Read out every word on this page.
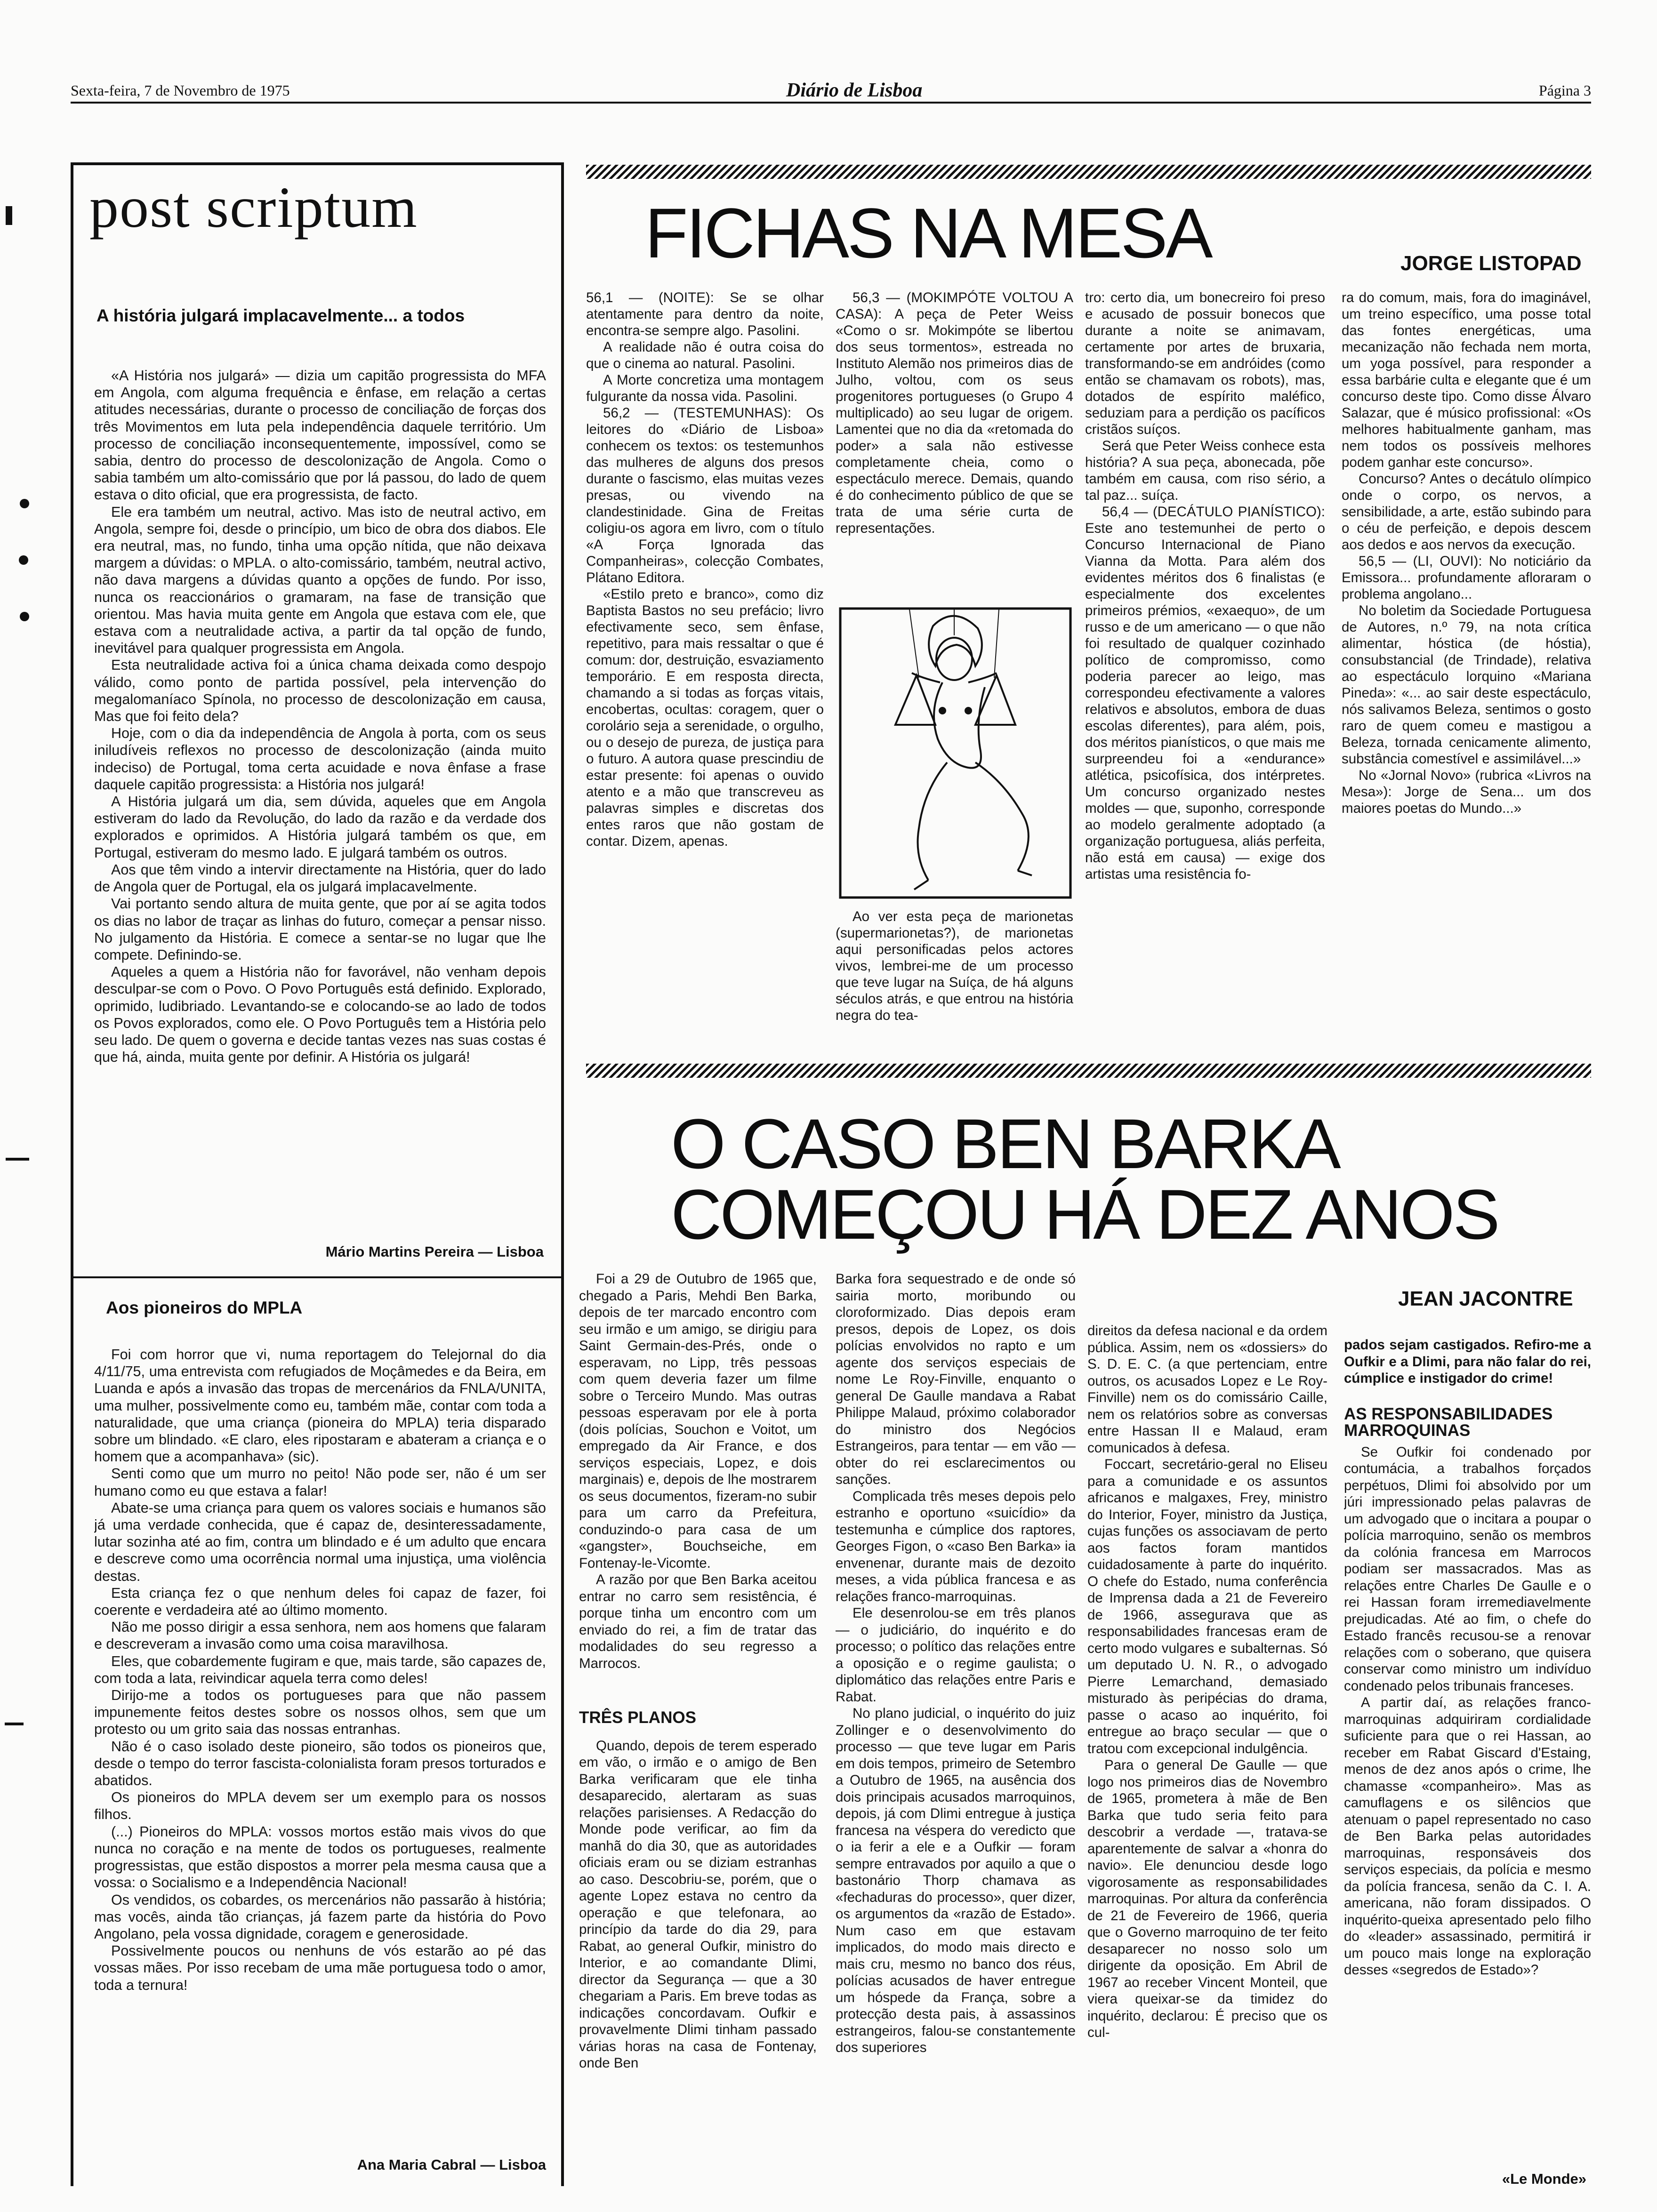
Sexta-feira, 7 de Novembro de 1975	Diário de Lisboa	Página 3
post scriptum
A história julgará implacavelmente... a todos

«A História nos julgará» — dizia um capitão progressista do MFA em Angola, com alguma frequência e ênfase, em relação a certas atitudes necessárias, durante o processo de conciliação de forças dos três Movimentos em luta pela independência daquele território. Um processo de conciliação inconsequentemente, impossível, como se sabia, dentro do processo de descolonização de Angola. Como o sabia também um alto-comissário que por lá passou, do lado de quem estava o dito oficial, que era progressista, de facto.

Ele era também um neutral, activo. Mas isto de neutral activo, em Angola, sempre foi, desde o princípio, um bico de obra dos diabos. Ele era neutral, mas, no fundo, tinha uma opção nítida, que não deixava margem a dúvidas: o MPLA. o alto-comissário, também, neutral activo, não dava margens a dúvidas quanto a opções de fundo. Por isso, nunca os reaccionários o gramaram, na fase de transição que orientou. Mas havia muita gente em Angola que estava com ele, que estava com a neutralidade activa, a partir da tal opção de fundo, inevitável para qualquer progressista em Angola.

Esta neutralidade activa foi a única chama deixada como despojo válido, como ponto de partida possível, pela intervenção do megalomaníaco Spínola, no processo de descolonização em causa, Mas que foi feito dela?

Hoje, com o dia da independência de Angola à porta, com os seus iniludíveis reflexos no processo de descolonização (ainda muito indeciso) de Portugal, toma certa acuidade e nova ênfase a frase daquele capitão progressista: a História nos julgará!

A História julgará um dia, sem dúvida, aqueles que em Angola estiveram do lado da Revolução, do lado da razão e da verdade dos explorados e oprimidos. A História julgará também os que, em Portugal, estiveram do mesmo lado. E julgará também os outros.

Aos que têm vindo a intervir directamente na História, quer do lado de Angola quer de Portugal, ela os julgará implacavelmente.

Vai portanto sendo altura de muita gente, que por aí se agita todos os dias no labor de traçar as linhas do futuro, começar a pensar nisso. No julgamento da História. E comece a sentar-se no lugar que lhe compete. Definindo-se.

Aqueles a quem a História não for favorável, não venham depois desculpar-se com o Povo. O Povo Português está definido. Explorado, oprimido, ludibriado. Levantando-se e colocando-se ao lado de todos os Povos explorados, como ele. O Povo Português tem a História pelo seu lado. De quem o governa e decide tantas vezes nas suas costas é que há, ainda, muita gente por definir. A História os julgará!

Mário Martins Pereira — Lisboa
Aos pioneiros do MPLA

Foi com horror que vi, numa reportagem do Telejornal do dia 4/11/75, uma entrevista com refugiados de Moçâmedes e da Beira, em Luanda e após a invasão das tropas de mercenários da FNLA/UNITA, uma mulher, possivelmente como eu, também mãe, contar com toda a naturalidade, que uma criança (pioneira do MPLA) teria disparado sobre um blindado. «E claro, eles ripostaram e abateram a criança e o homem que a acompanhava» (sic).

Senti como que um murro no peito! Não pode ser, não é um ser humano como eu que estava a falar!

Abate-se uma criança para quem os valores sociais e humanos são já uma verdade conhecida, que é capaz de, desinteressadamente, lutar sozinha até ao fim, contra um blindado e é um adulto que encara e descreve como uma ocorrência normal uma injustiça, uma violência destas.

Esta criança fez o que nenhum deles foi capaz de fazer, foi coerente e verdadeira até ao último momento.

Não me posso dirigir a essa senhora, nem aos homens que falaram e descreveram a invasão como uma coisa maravilhosa.

Eles, que cobardemente fugiram e que, mais tarde, são capazes de, com toda a lata, reivindicar aquela terra como deles!

Dirijo-me a todos os portugueses para que não passem impunemente feitos destes sobre os nossos olhos, sem que um protesto ou um grito saia das nossas entranhas.

Não é o caso isolado deste pioneiro, são todos os pioneiros que, desde o tempo do terror fascista-colonialista foram presos torturados e abatidos.

Os pioneiros do MPLA devem ser um exemplo para os nossos filhos.

(...) Pioneiros do MPLA: vossos mortos estão mais vivos do que nunca no coração e na mente de todos os portugueses, realmente progressistas, que estão dispostos a morrer pela mesma causa que a vossa: o Socialismo e a Independência Nacional!

Os vendidos, os cobardes, os mercenários não passarão à história; mas vocês, ainda tão crianças, já fazem parte da história do Povo Angolano, pela vossa dignidade, coragem e generosidade.

Possivelmente poucos ou nenhuns de vós estarão ao pé das vossas mães. Por isso recebam de uma mãe portuguesa todo o amor, toda a ternura!

Ana Maria Cabral — Lisboa
FICHAS NA MESA	JORGE LISTOPAD

56,1 — (NOITE): Se se olhar atentamente para dentro da noite, encontra-se sempre algo. Pasolini.

A realidade não é outra coisa do que o cinema ao natural. Pasolini.

A Morte concretiza uma montagem fulgurante da nossa vida. Pasolini.

56,2 — (TESTEMUNHAS): Os leitores do «Diário de Lisboa» conhecem os textos: os testemunhos das mulheres de alguns dos presos durante o fascismo, elas muitas vezes presas, ou vivendo na clandestinidade. Gina de Freitas coligiu-os agora em livro, com o título «A Força Ignorada das Companheiras», colecção Combates, Plátano Editora.

«Estilo preto e branco», como diz Baptista Bastos no seu prefácio; livro efectivamente seco, sem ênfase, repetitivo, para mais ressaltar o que é comum: dor, destruição, esvaziamento temporário. E em resposta directa, chamando a si todas as forças vitais, encobertas, ocultas: coragem, quer o corolário seja a serenidade, o orgulho, ou o desejo de pureza, de justiça para o futuro. A autora quase prescindiu de estar presente: foi apenas o ouvido atento e a mão que transcreveu as palavras simples e discretas dos entes raros que não gostam de contar. Dizem, apenas.

56,3 — (MOKIMPÓTE VOLTOU A CASA): A peça de Peter Weiss «Como o sr. Mokimpóte se libertou dos seus tormentos», estreada no Instituto Alemão nos primeiros dias de Julho, voltou, com os seus progenitores portugueses (o Grupo 4 multiplicado) ao seu lugar de origem. Lamentei que no dia da «retomada do poder» a sala não estivesse completamente cheia, como o espectáculo merece. Demais, quando é do conhecimento público de que se trata de uma série curta de representações.

Ao ver esta peça de marionetas (supermarionetas?), de marionetas aqui personificadas pelos actores vivos, lembrei-me de um processo que teve lugar na Suíça, de há alguns séculos atrás, e que entrou na história negra do tea-

tro: certo dia, um bonecreiro foi preso e acusado de possuir bonecos que durante a noite se animavam, certamente por artes de bruxaria, transformando-se em andróides (como então se chamavam os robots), mas, dotados de espírito maléfico, seduziam para a perdição os pacíficos cristãos suíços.

Será que Peter Weiss conhece esta história? A sua peça, abonecada, põe também em causa, com riso sério, a tal paz... suíça.

56,4 — (DECÁTULO PIANÍSTICO): Este ano testemunhei de perto o Concurso Internacional de Piano Vianna da Motta. Para além dos evidentes méritos dos 6 finalistas (e especialmente dos excelentes primeiros prémios, «exaequo», de um russo e de um americano — o que não foi resultado de qualquer cozinhado político de compromisso, como poderia parecer ao leigo, mas correspondeu efectivamente a valores relativos e absolutos, embora de duas escolas diferentes), para além, pois, dos méritos pianísticos, o que mais me surpreendeu foi a «endurance» atlética, psicofísica, dos intérpretes. Um concurso organizado nestes moldes — que, suponho, corresponde ao modelo geralmente adoptado (a organização portuguesa, aliás perfeita, não está em causa) — exige dos artistas uma resistência fo-

ra do comum, mais, fora do imaginável, um treino específico, uma posse total das fontes energéticas, uma mecanização não fechada nem morta, um yoga possível, para responder a essa barbárie culta e elegante que é um concurso deste tipo. Como disse Álvaro Salazar, que é músico profissional: «Os melhores habitualmente ganham, mas nem todos os possíveis melhores podem ganhar este concurso».

Concurso? Antes o decátulo olímpico onde o corpo, os nervos, a sensibilidade, a arte, estão subindo para o céu de perfeição, e depois descem aos dedos e aos nervos da execução.

56,5 — (LI, OUVI): No noticiário da Emissora... profundamente afloraram o problema angolano...

No boletim da Sociedade Portuguesa de Autores, n.º 79, na nota crítica alimentar, hóstica (de hóstia), consubstancial (de Trindade), relativa ao espectáculo lorquino «Mariana Pineda»: «... ao sair deste espectáculo, nós salivamos Beleza, sentimos o gosto raro de quem comeu e mastigou a Beleza, tornada cenicamente alimento, substância comestível e assimilável...»

No «Jornal Novo» (rubrica «Livros na Mesa»): Jorge de Sena... um dos maiores poetas do Mundo...»

O CASO BEN BARKA
COMEÇOU HÁ DEZ ANOS
JEAN JACONTRE

Foi a 29 de Outubro de 1965 que, chegado a Paris, Mehdi Ben Barka, depois de ter marcado encontro com seu irmão e um amigo, se dirigiu para Saint Germain-des-Prés, onde o esperavam, no Lipp, três pessoas com quem deveria fazer um filme sobre o Terceiro Mundo. Mas outras pessoas esperavam por ele à porta (dois polícias, Souchon e Voitot, um empregado da Air France, e dos serviços especiais, Lopez, e dois marginais) e, depois de lhe mostrarem os seus documentos, fizeram-no subir para um carro da Prefeitura, conduzindo-o para casa de um «gangster», Bouchseiche, em Fontenay-le-Vicomte.

A razão por que Ben Barka aceitou entrar no carro sem resistência, é porque tinha um encontro com um enviado do rei, a fim de tratar das modalidades do seu regresso a Marrocos.

TRÊS PLANOS

Quando, depois de terem esperado em vão, o irmão e o amigo de Ben Barka verificaram que ele tinha desaparecido, alertaram as suas relações parisienses. A Redacção do Monde pode verificar, ao fim da manhã do dia 30, que as autoridades oficiais eram ou se diziam estranhas ao caso. Descobriu-se, porém, que o agente Lopez estava no centro da operação e que telefonara, ao princípio da tarde do dia 29, para Rabat, ao general Oufkir, ministro do Interior, e ao comandante Dlimi, director da Segurança — que a 30 chegariam a Paris. Em breve todas as indicações concordavam. Oufkir e provavelmente Dlimi tinham passado várias horas na casa de Fontenay, onde Ben

Barka fora sequestrado e de onde só sairia morto, moribundo ou cloroformizado. Dias depois eram presos, depois de Lopez, os dois polícias envolvidos no rapto e um agente dos serviços especiais de nome Le Roy-Finville, enquanto o general De Gaulle mandava a Rabat Philippe Malaud, próximo colaborador do ministro dos Negócios Estrangeiros, para tentar — em vão — obter do rei esclarecimentos ou sanções.

Complicada três meses depois pelo estranho e oportuno «suicídio» da testemunha e cúmplice dos raptores, Georges Figon, o «caso Ben Barka» ia envenenar, durante mais de dezoito meses, a vida pública francesa e as relações franco-marroquinas.

Ele desenrolou-se em três planos — o judiciário, do inquérito e do processo; o político das relações entre a oposição e o regime gaulista; o diplomático das relações entre Paris e Rabat.

No plano judicial, o inquérito do juiz Zollinger e o desenvolvimento do processo — que teve lugar em Paris em dois tempos, primeiro de Setembro a Outubro de 1965, na ausência dos dois principais acusados marroquinos, depois, já com Dlimi entregue à justiça francesa na véspera do veredicto que o ia ferir a ele e a Oufkir — foram sempre entravados por aquilo a que o bastonário Thorp chamava as «fechaduras do processo», quer dizer, os argumentos da «razão de Estado». Num caso em que estavam implicados, do modo mais directo e mais cru, mesmo no banco dos réus, polícias acusados de haver entregue um hóspede da França, sobre a protecção desta pais, à assassinos estrangeiros, falou-se constantemente dos superiores

direitos da defesa nacional e da ordem pública. Assim, nem os «dossiers» do S. D. E. C. (a que pertenciam, entre outros, os acusados Lopez e Le Roy-Finville) nem os do comissário Caille, nem os relatórios sobre as conversas entre Hassan II e Malaud, eram comunicados à defesa.

Foccart, secretário-geral no Eliseu para a comunidade e os assuntos africanos e malgaxes, Frey, ministro do Interior, Foyer, ministro da Justiça, cujas funções os associavam de perto aos factos foram mantidos cuidadosamente à parte do inquérito. O chefe do Estado, numa conferência de Imprensa dada a 21 de Fevereiro de 1966, assegurava que as responsabilidades francesas eram de certo modo vulgares e subalternas. Só um deputado U. N. R., o advogado Pierre Lemarchand, demasiado misturado às peripécias do drama, passe o acaso ao inquérito, foi entregue ao braço secular — que o tratou com excepcional indulgência.

Para o general De Gaulle — que logo nos primeiros dias de Novembro de 1965, prometera à mãe de Ben Barka que tudo seria feito para descobrir a verdade —, tratava-se aparentemente de salvar a «honra do navio». Ele denunciou desde logo vigorosamente as responsabilidades marroquinas. Por altura da conferência de 21 de Fevereiro de 1966, queria que o Governo marroquino de ter feito desaparecer no nosso solo um dirigente da oposição. Em Abril de 1967 ao receber Vincent Monteil, que viera queixar-se da timidez do inquérito, declarou: É preciso que os cul-

pados sejam castigados. Refiro-me a Oufkir e a Dlimi, para não falar do rei, cúmplice e instigador do crime!

AS RESPONSABILIDADES MARROQUINAS

Se Oufkir foi condenado por contumácia, a trabalhos forçados perpétuos, Dlimi foi absolvido por um júri impressionado pelas palavras de um advogado que o incitara a poupar o polícia marroquino, senão os membros da colónia francesa em Marrocos podiam ser massacrados. Mas as relações entre Charles De Gaulle e o rei Hassan foram irremediavelmente prejudicadas. Até ao fim, o chefe do Estado francês recusou-se a renovar relações com o soberano, que quisera conservar como ministro um indivíduo condenado pelos tribunais franceses.

A partir daí, as relações franco-marroquinas adquiriram cordialidade suficiente para que o rei Hassan, ao receber em Rabat Giscard d'Estaing, menos de dez anos após o crime, lhe chamasse «companheiro». Mas as camuflagens e os silêncios que atenuam o papel representado no caso de Ben Barka pelas autoridades marroquinas, responsáveis dos serviços especiais, da polícia e mesmo da polícia francesa, senão da C. I. A. americana, não foram dissipados. O inquérito-queixa apresentado pelo filho do «leader» assassinado, permitirá ir um pouco mais longe na exploração desses «segredos de Estado»?

«Le Monde»
